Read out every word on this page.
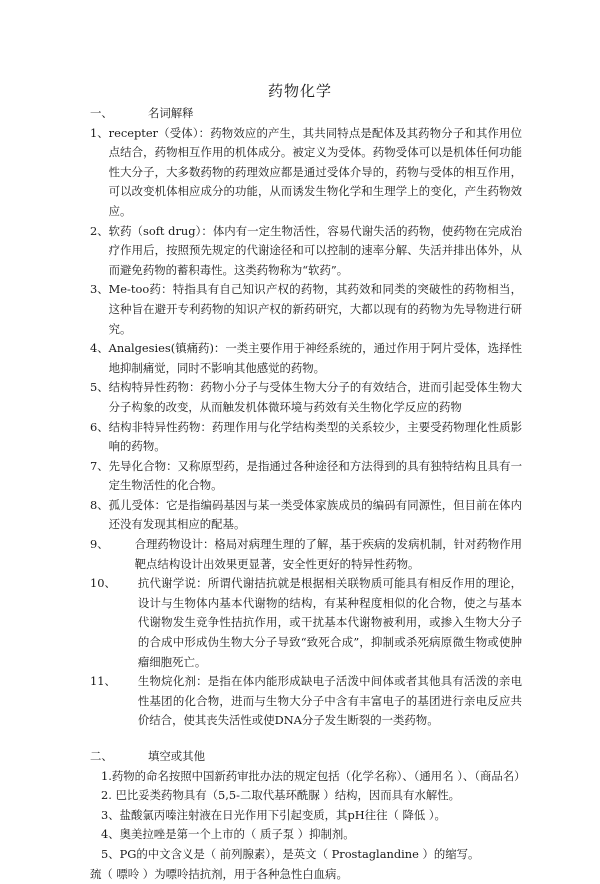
药物化学
一、	名词解释
1、 recepter（受体）：药物效应的产生，其共同特点是配体及其药物分子和其作用位点结合，药物相互作用的机体成分。被定义为受体。药物受体可以是机体任何功能性大分子，大多数药物的药理效应都是通过受体介导的，药物与受体的相互作用，可以改变机体相应成分的功能，从而诱发生物化学和生理学上的变化，产生药物效应。
2、 软药（soft drug）：体内有一定生物活性，容易代谢失活的药物，使药物在完成治疗作用后，按照预先规定的代谢途径和可以控制的速率分解、失活并排出体外，从而避免药物的蓄积毒性。这类药物称为“软药”。
3、 Me-too药：特指具有自己知识产权的药物，其药效和同类的突破性的药物相当，这种旨在避开专利药物的知识产权的新药研究，大都以现有的药物为先导物进行研究。
4、 Analgesies(镇痛药)：一类主要作用于神经系统的，通过作用于阿片受体，选择性地抑制痛觉，同时不影响其他感觉的药物。
5、 结构特异性药物：药物小分子与受体生物大分子的有效结合，进而引起受体生物大分子构象的改变，从而触发机体微环境与药效有关生物化学反应的药物
6、 结构非特异性药物：药理作用与化学结构类型的关系较少，主要受药物理化性质影响的药物。
7、 先导化合物：又称原型药，是指通过各种途径和方法得到的具有独特结构且具有一定生物活性的化合物。
8、 孤儿受体：它是指编码基因与某一类受体家族成员的编码有同源性，但目前在体内还没有发现其相应的配基。
9、 合理药物设计：格局对病理生理的了解，基于疾病的发病机制，针对药物作用靶点结构设计出效果更显著，安全性更好的特异性药物。
10、 抗代谢学说：所谓代谢拮抗就是根据相关联物质可能具有相反作用的理论，设计与生物体内基本代谢物的结构，有某种程度相似的化合物，使之与基本代谢物发生竞争性拮抗作用，或干扰基本代谢物被利用，或掺入生物大分子的合成中形成伪生物大分子导致“致死合成”，抑制或杀死病原微生物或使肿瘤细胞死亡。
11、 生物烷化剂：是指在体内能形成缺电子活泼中间体或者其他具有活泼的亲电性基团的化合物，进而与生物大分子中含有丰富电子的基团进行亲电反应共价结合，使其丧失活性或使DNA分子发生断裂的一类药物。
二、	填空或其他

1.药物的命名按照中国新药审批办法的规定包括（化学名称）、（通用名 ）、（商品名）

2. 巴比妥类药物具有（5,5-二取代基环酰脲 ）结构，因而具有水解性。

3、盐酸氯丙嗪注射液在日光作用下引起变质，其pH往往（ 降低 ）。

4、奥美拉唑是第一个上市的（ 质子泵 ）抑制剂。

5、PG的中文含义是（ 前列腺素），是英文（ Prostaglandine ）的缩写。

巯（ 嘌呤 ）为嘌呤拮抗剂，用于各种急性白血病。
